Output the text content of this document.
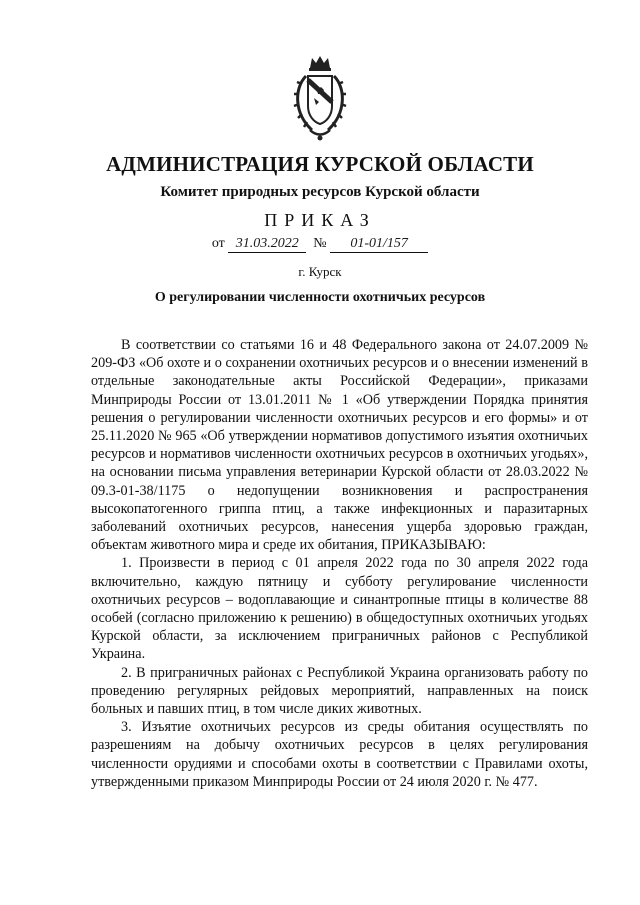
АДМИНИСТРАЦИЯ КУРСКОЙ ОБЛАСТИ
Комитет природных ресурсов Курской области
ПРИКАЗ
от 31.03.2022 № 01-01/157
г. Курск
О регулировании численности охотничьих ресурсов

В соответствии со статьями 16 и 48 Федерального закона от 24.07.2009 № 209-ФЗ «Об охоте и о сохранении охотничьих ресурсов и о внесении изменений в отдельные законодательные акты Российской Федерации», приказами Минприроды России от 13.01.2011 № 1 «Об утверждении Порядка принятия решения о регулировании численности охотничьих ресурсов и его формы» и от 25.11.2020 № 965 «Об утверждении нормативов допустимого изъятия охотничьих ресурсов и нормативов численности охотничьих ресурсов в охотничьих угодьях», на основании письма управления ветеринарии Курской области от 28.03.2022 № 09.3-01-38/1175 о недопущении возникновения и распространения высокопатогенного гриппа птиц, а также инфекционных и паразитарных заболеваний охотничьих ресурсов, нанесения ущерба здоровью граждан, объектам животного мира и среде их обитания, ПРИКАЗЫВАЮ:

1. Произвести в период с 01 апреля 2022 года по 30 апреля 2022 года включительно, каждую пятницу и субботу регулирование численности охотничьих ресурсов – водоплавающие и синантропные птицы в количестве 88 особей (согласно приложению к решению) в общедоступных охотничьих угодьях Курской области, за исключением приграничных районов с Республикой Украина.

2. В приграничных районах с Республикой Украина организовать работу по проведению регулярных рейдовых мероприятий, направленных на поиск больных и павших птиц, в том числе диких животных.

3. Изъятие охотничьих ресурсов из среды обитания осуществлять по разрешениям на добычу охотничьих ресурсов в целях регулирования численности орудиями и способами охоты в соответствии с Правилами охоты, утвержденными приказом Минприроды России от 24 июля 2020 г. № 477.
